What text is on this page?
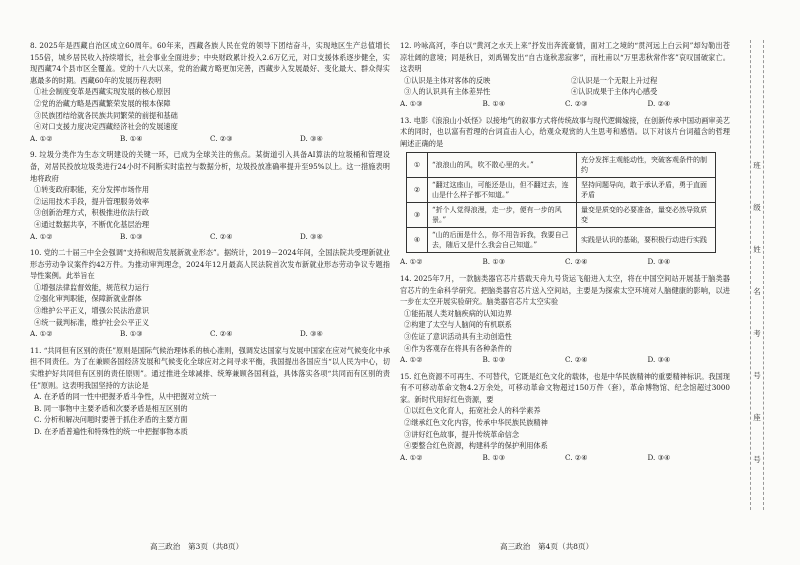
8. 2025年是西藏自治区成立60周年。60年来，西藏各族人民在党的领导下团结奋斗，实现地区生产总值增长155倍，城乡居民收入持续增长，社会事业全面进步；中央财政累计投入2.6万亿元，对口支援体系逐步健全，实现西藏74个县市区全覆盖。党的十八大以来，党的治藏方略更加完善，西藏步入发展最好、变化最大、群众得实惠最多的时期。西藏60年的发展历程表明
①社会制度变革是西藏实现发展的核心原因
②党的治藏方略是西藏繁荣发展的根本保障
③民族团结给就各民族共同繁荣的前提和基础
④对口支援力度决定西藏经济社会的发展速度
A. ①②	B. ①④	C. ②③	D. ③④
9. 垃圾分类作为生态文明建设的关键一环，已成为全球关注的焦点。某街道引入具备AI算法的垃圾桶和管理设备，对居民投放垃圾类进行24小时不间断实时监控与数据分析，垃圾投放准确率提升至95%以上。这一措施表明地将政府
①转变政府职能，充分发挥市场作用
②运用技术手段，提升管理服务效率
③创新治理方式，积极推进依法行政
④通过数据共享，不断优化基层治理
A. ①②	B. ①③	C. ②④	D. ③④
10. 党的二十届三中全会强调“支持和规范发展新就业形态”。据统计，2019－2024年间，全国法院共受理新就业形态劳动争议案件约42万件。为推动审判理念，2024年12月最高人民法院首次发布新就业形态劳动争议专题指导性案例。此举旨在
①增强法律监督效能，规范权力运行
②强化审判职能，保障新就业群体
③维护公平正义，增强公民法治意识
④统一裁判标准，维护社会公平正义
A. ①②	B. ①③	C. ②④	D. ③④
11. “共同但有区别的责任”原则是国际气候治理体系的核心准则，强调发达国家与发展中国家在应对气候变化中承担不同责任。为了在兼顾各国经济发展和气候变化全球应对之间寻求平衡，我国提出各国应当“以人民为中心，切实维护好共同但有区别的责任原则”。通过推进全球减排、统筹兼顾各国利益，具体落实各项“共同而有区别的责任”原则。这表明我国坚持的方法论是
A. 在矛盾的同一性中把握矛盾斗争性，从中把握对立统一
B. 同一事物中主要矛盾和次要矛盾是相互区别的
C. 分析和解决问题时要善于抓住矛盾的主要方面
D. 在矛盾普遍性和特殊性的统一中把握事物本质
高三政治　第3页（共8页）
12. 吟咏高河，李白以“黄河之水天上来”抒发出奔流豪情，面对工之境的“贯河远上白云间”却勾勒出苍凉壮阔的意境；同是秋日，刘禹锡发出“自古逢秋悲寂寥”，而杜甫以“万里悲秋常作客”哀叹国破家亡。这表明
①认识是主体对客体的反映	②认识是一个无限上升过程
③人的认识具有主体差异性	④认识成果于主体内心感受
A. ①③	B. ①④	C. ②③	D. ②④
13. 电影《浪浪山小妖怪》以接地气的叙事方式将传统故事与现代逻辑嫁接，在创新传承中国动画审美艺术的同时，也以富有哲理的台词直击人心，给观众观赏的人生思考和感悟。以下对该片台词蕴含的哲理阐述正确的是
①	“浪浪山的风，吹不散心里的火。”	充分发挥主观能动性，突破客观条件的制约
②	“翻过这座山，可能还是山，但不翻过去，连山是什么样子都不知道。”	坚持问题导向，敢于承认矛盾，勇于直面矛盾
③	“折个人觉得浪漫，走一步，便有一步的风景。”	量变是质变的必要准备，量变必然导致质变
④	“山的后面是什么，你不用告诉我，我要自己去，随后又是什么我会自己知道。”	实践是认识的基础，要积极行动进行实践
A. ①②	B. ①③	C. ②④	D. ③④
14. 2025年7月，一款脑类器官芯片搭载天舟九号货运飞船进入太空，将在中国空间站开展基于脑类器官芯片的生命科学研究。把脑类器官芯片送入空间站，主要是为探索太空环境对人脑健康的影响，以进一步在太空开展实验研究。脑类器官芯片太空实验
①能拓展人类对脑疾病的认知边界
②构建了太空与人脑间的有机联系
③佐证了意识活动具有主动创造性
④作为客观存在将具有各种条件的
A. ①②	B. ①③	C. ②④	D. ③④
15. 红色资源不可再生、不可替代，它既是红色文化的载体，也是中华民族精神的重要精神标识。我国现有不可移动革命文物4.2万余处，可移动革命文物超过150万件（套），革命博物馆、纪念馆超过3000家。新时代用好红色资源，要
①以红色文化育人，拓宽社会人的科学素养
②继承红色文化内容，传承中华民族民族精神
③讲好红色故事，提升传统革命信念
④要整合红色资源，构建科学的保护利用体系
A. ①②	B. ①③	C. ②④	D. ③④
高三政治　第4页（共8页）
班
级
姓
名
考
号
座
号
